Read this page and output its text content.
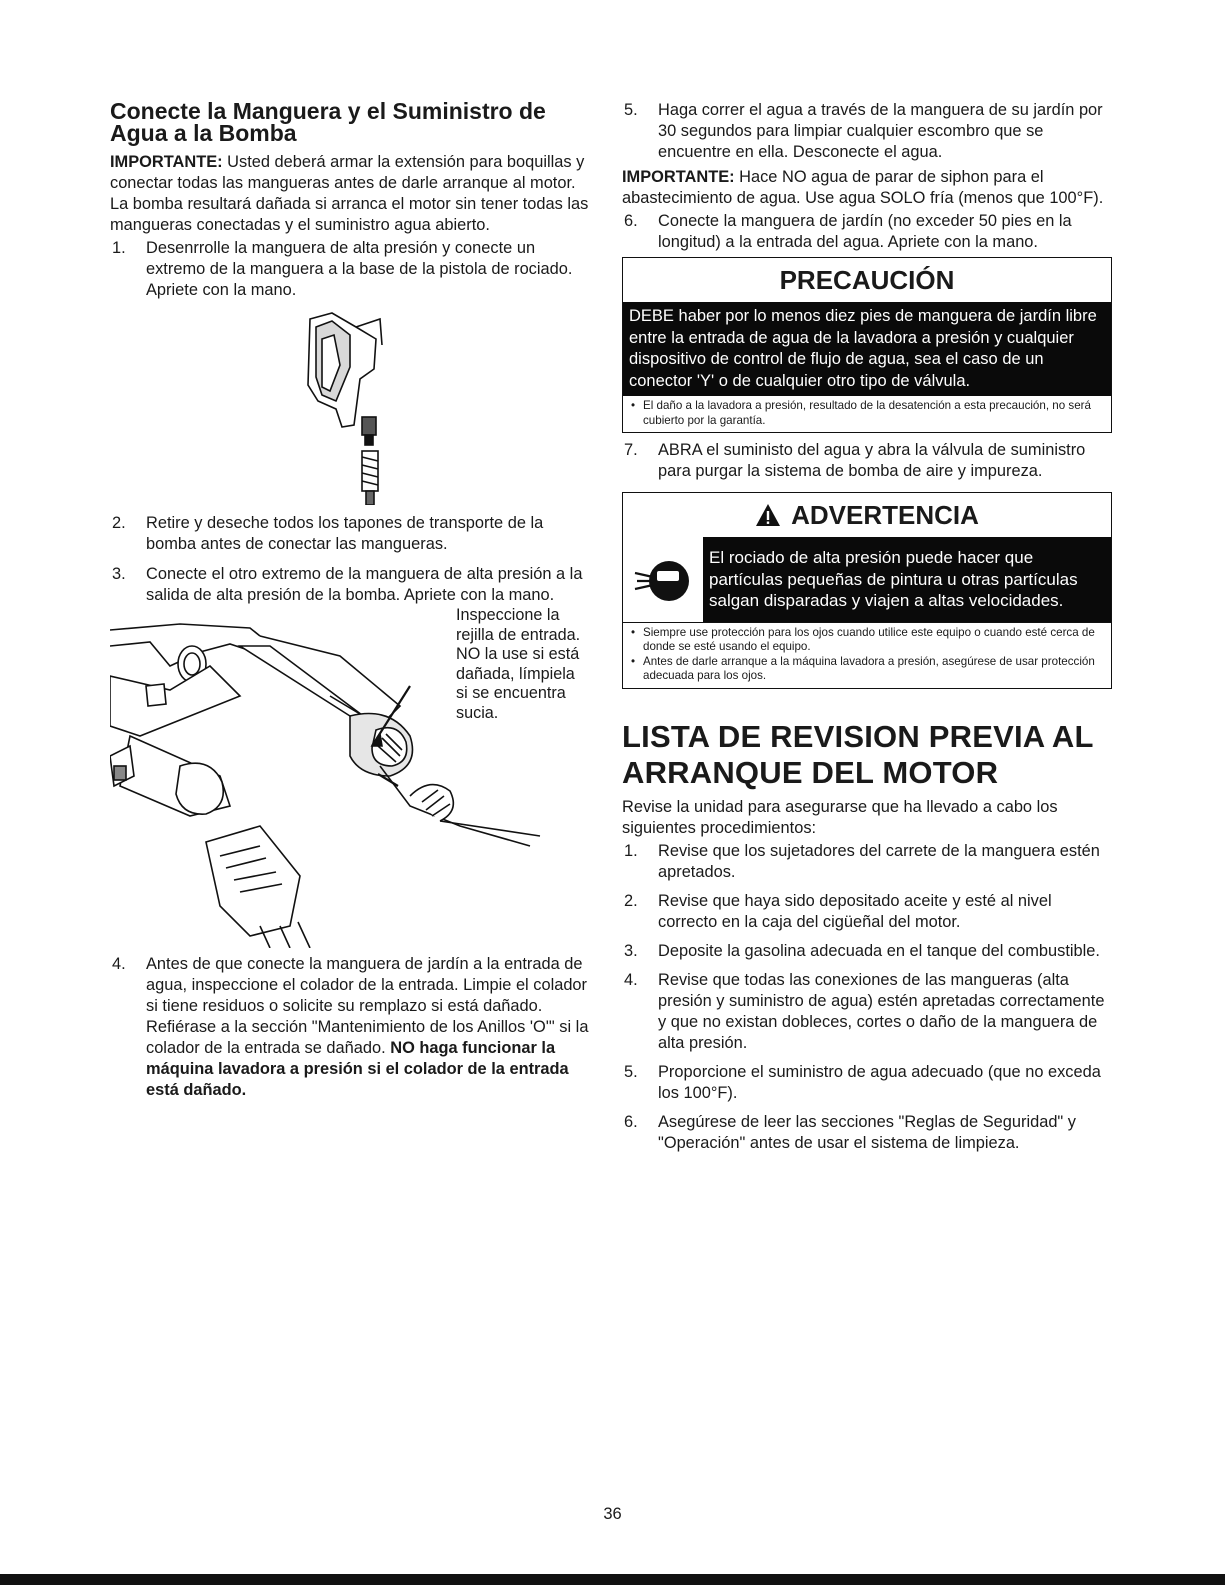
Conecte la Manguera y el Suministro de Agua a la Bomba

IMPORTANTE: Usted deberá armar la extensión para boquillas y conectar todas las mangueras antes de darle arranque al motor. La bomba resultará dañada si arranca el motor sin tener todas las mangueras conectadas y el suministro agua abierto.

1. Desenrrolle la manguera de alta presión y conecte un extremo de la manguera a la base de la pistola de rociado. Apriete con la mano.
2. Retire y deseche todos los tapones de transporte de la bomba antes de conectar las mangueras.
3. Conecte el otro extremo de la manguera de alta presión a la salida de alta presión de la bomba. Apriete con la mano.
Inspeccione la
rejilla de entrada.
NO la use si está
dañada, límpiela
si se encuentra
sucia.
4. Antes de que conecte la manguera de jardín a la entrada de agua, inspeccione el colador de la entrada. Limpie el colador si tiene residuos o solicite su remplazo si está dañado. Refiérase a la sección "Mantenimiento de los Anillos 'O'" si la colador de la entrada se dañado. NO haga funcionar la máquina lavadora a presión si el colador de la entrada está dañado.
5. Haga correr el agua a través de la manguera de su jardín por 30 segundos para limpiar cualquier escombro que se encuentre en ella. Desconecte el agua.

IMPORTANTE: Hace NO agua de parar de siphon para el abastecimiento de agua. Use agua SOLO fría (menos que 100°F).

6. Conecte la manguera de jardín (no exceder 50 pies en la longitud) a la entrada del agua. Apriete con la mano.
PRECAUCIÓN
DEBE haber por lo menos diez pies de manguera de jardín libre entre la entrada de agua de la lavadora a presión y cualquier dispositivo de control de flujo de agua, sea el caso de un conector 'Y' o de cualquier otro tipo de válvula.
• El daño a la lavadora a presión, resultado de la desatención a esta precaución, no será cubierto por la garantía.
7. ABRA el suministo del agua y abra la válvula de suministro para purgar la sistema de bomba de aire y impureza.
ADVERTENCIA
El rociado de alta presión puede hacer que partículas pequeñas de pintura u otras partículas salgan disparadas y viajen a altas velocidades.
• Siempre use protección para los ojos cuando utilice este equipo o cuando esté cerca de donde se esté usando el equipo.
• Antes de darle arranque a la máquina lavadora a presión, asegúrese de usar protección adecuada para los ojos.
LISTA DE REVISION PREVIA AL ARRANQUE DEL MOTOR

Revise la unidad para asegurarse que ha llevado a cabo los siguientes procedimientos:

1. Revise que los sujetadores del carrete de la manguera estén apretados.
2. Revise que haya sido depositado aceite y esté al nivel correcto en la caja del cigüeñal del motor.
3. Deposite la gasolina adecuada en el tanque del combustible.
4. Revise que todas las conexiones de las mangueras (alta presión y suministro de agua) estén apretadas correctamente y que no existan dobleces, cortes o daño de la manguera de alta presión.
5. Proporcione el suministro de agua adecuado (que no exceda los 100°F).
6. Asegúrese de leer las secciones "Reglas de Seguridad" y "Operación" antes de usar el sistema de limpieza.
36
